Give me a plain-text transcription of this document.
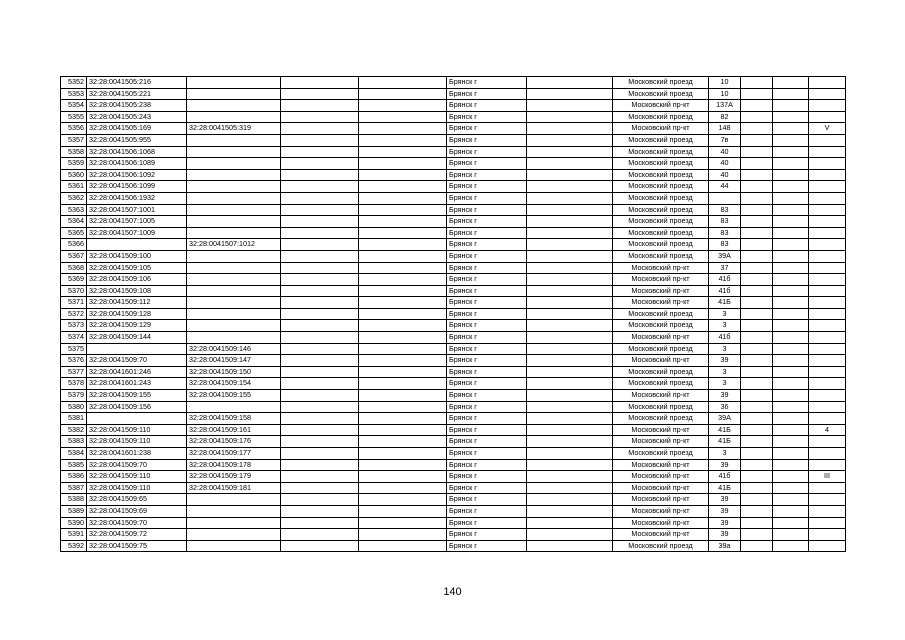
5352	32:28:0041505:216				Брянск г		Московский проезд	10			
5353	32:28:0041505:221				Брянск г		Московский проезд	10			
5354	32:28:0041505:238				Брянск г		Московский пр-кт	137А			
5355	32:28:0041505:243				Брянск г		Московский проезд	82			
5356	32:28:0041505:169	32:28:0041505:319			Брянск г		Московский пр-кт	148			V
5357	32:28:0041505:955				Брянск г		Московский проезд	7в			
5358	32:28:0041506:1068				Брянск г		Московский проезд	40			
5359	32:28:0041506:1089				Брянск г		Московский проезд	40			
5360	32:28:0041506:1092				Брянск г		Московский проезд	40			
5361	32:28:0041506:1099				Брянск г		Московский проезд	44			
5362	32:28:0041506:1932				Брянск г		Московский проезд				
5363	32:28:0041507:1001				Брянск г		Московский проезд	83			
5364	32:28:0041507:1005				Брянск г		Московский проезд	83			
5365	32:28:0041507:1009				Брянск г		Московский проезд	83			
5366		32:28:0041507:1012			Брянск г		Московский проезд	83			
5367	32:28:0041509:100				Брянск г		Московский проезд	39А			
5368	32:28:0041509:105				Брянск г		Московский пр-кт	37			
5369	32:28:0041509:106				Брянск г		Московский пр-кт	41б			
5370	32:28:0041509:108				Брянск г		Московский пр-кт	41б			
5371	32:28:0041509:112				Брянск г		Московский пр-кт	41Б			
5372	32:28:0041509:128				Брянск г		Московский проезд	3			
5373	32:28:0041509:129				Брянск г		Московский проезд	3			
5374	32:28:0041509:144				Брянск г		Московский пр-кт	41б			
5375		32:28:0041509:146			Брянск г		Московский проезд	3			
5376	32:28:0041509:70	32:28:0041509:147			Брянск г		Московский пр-кт	39			
5377	32:28:0041601:246	32:28:0041509:150			Брянск г		Московский проезд	3			
5378	32:28:0041601:243	32:28:0041509:154			Брянск г		Московский проезд	3			
5379	32:28:0041509:155	32:28:0041509:155			Брянск г		Московский пр-кт	39			
5380	32:28:0041509:156				Брянск г		Московский проезд	36			
5381		32:28:0041509:158			Брянск г		Московский проезд	39А			
5382	32:28:0041509:110	32:28:0041509:161			Брянск г		Московский пр-кт	41Б			4
5383	32:28:0041509:110	32:28:0041509:176			Брянск г		Московский пр-кт	41Б			
5384	32:28:0041601:238	32:28:0041509:177			Брянск г		Московский проезд	3			
5385	32:28:0041509:70	32:28:0041509:178			Брянск г		Московский пр-кт	39			
5386	32:28:0041509:110	32:28:0041509:179			Брянск г		Московский пр-кт	41б			III
5387	32:28:0041509:110	32:28:0041509:181			Брянск г		Московский пр-кт	41Б			
5388	32:28:0041509:65				Брянск г		Московский пр-кт	39			
5389	32:28:0041509:69				Брянск г		Московский пр-кт	39			
5390	32:28:0041509:70				Брянск г		Московский пр-кт	39			
5391	32:28:0041509:72				Брянск г		Московский пр-кт	39			
5392	32:28:0041509:75				Брянск г		Московский проезд	39а			
140
